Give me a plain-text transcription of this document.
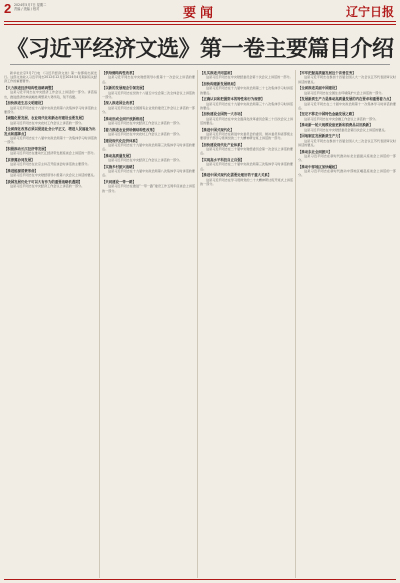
2 2024年5月7日 星期二
责编 / 美编 / 校对	要闻	辽宁日报
《习近平经济文选》第一卷主要篇目介绍
新华社北京5月7日电 《习近平经济文选》第一卷即将出版发行。这部文选收入习近平同志2012年12月至2024年4月期间有关经济工作的重要著作。
【大力推进经济结构性战略调整】
这是习近平同志在中央经济工作会议上讲话的一部分。讲话指出，推进经济结构战略性调整是大势所趋，刻不容缓。
【加快推进生态文明建设】
这是习近平同志在十八届中央政治局第六次集体学习时讲话的主要部分。
【城镇化要发展，农业现代化和新农村建设也要发展】
这是习近平同志在中央农村工作会议上讲话的一部分。
【全面深化改革必须以促进社会公平正义、增进人民福祉为出发点和落脚点】
这是习近平同志在十八届中央政治局第十一次集体学习时讲话的一部分。
【积极推动长江经济带发展】
这是习近平同志在推动长江经济带发展座谈会上讲话的一部分。
【京津冀协同发展】
这是习近平同志在北京主持召开座谈会时讲话的主要部分。
【推进能源消费革命】
这是习近平同志在中央财经领导小组第六次会议上讲话的要点。
【我国发展仍处于可以大有作为的重要战略机遇期】
这是习近平同志在中央经济工作会议上讲话的一部分。
【供给侧结构性改革】
这是习近平同志在中央财经领导小组第十一次会议上讲话的要点。
【以新的发展理念引领发展】
这是习近平同志在党的十八届五中全会第二次全体会议上讲话的一部分。
【深入推进国企改革】
这是习近平同志在全国国有企业党的建设工作会议上讲话的一部分。
【推动形成全面开放新格局】
这是习近平同志在中央经济工作会议上讲话的一部分。
【着力推进农业供给侧结构性改革】
这是习近平同志在中央农村工作会议上讲话的一部分。
【建设现代化经济体系】
这是习近平同志在十九届中央政治局第三次集体学习时讲话的要点。
【推动高质量发展】
这是习近平同志在中央经济工作会议上讲话的一部分。
【实施乡村振兴战略】
这是习近平同志在十九届中央政治局第八次集体学习时讲话的要点。
【共同建设一带一路】
这是习近平同志在推进“一带一路”建设工作五周年座谈会上讲话的一部分。
【扎实推进共同富裕】
这是习近平同志在中央财经委员会第十次会议上讲话的一部分。
【加快构建新发展格局】
这是习近平同志在十九届中央政治局第二十七次集体学习时讲话的要点。
【正确认识和把握资本的特性和行为规律】
这是习近平同志在十九届中央政治局第三十八次集体学习时讲话的要点。
【加快建设全国统一大市场】
这是习近平同志在中央全面深化改革委员会第二十四次会议上讲话的要点。
【推进中国式现代化】
这是习近平同志在新进中央委员会的委员、候补委员和省部级主要领导干部学习贯彻党的二十大精神研讨班上讲话的一部分。
【加快建设现代化产业体系】
这是习近平同志在二十届中央财经委员会第一次会议上讲话的要点。
【实现高水平科技自立自强】
这是习近平同志在二十届中央政治局第三次集体学习时讲话的要点。
【推进中国式现代化需要处理好若干重大关系】
这是习近平同志在学习贯彻党的二十大精神研讨班开班式上讲话的一部分。
【牢牢把握高质量发展这个首要任务】
这是习近平同志在参加十四届全国人大一次会议江苏代表团审议时讲话的要点。
【全面推进美丽中国建设】
这是习近平同志在全国生态环境保护大会上讲话的一部分。
【发展新质生产力是推动高质量发展的内在要求和重要着力点】
这是习近平同志在二十届中央政治局第十一次集体学习时讲话的要点。
【坚定不移走中国特色金融发展之路】
这是习近平同志在中央金融工作会议上讲话的一部分。
【推动新一轮大规模设备更新和消费品以旧换新】
这是习近平同志在中央财经委员会第四次会议上讲话的要点。
【因地制宜发展新质生产力】
这是习近平同志在参加十四届全国人大二次会议江苏代表团审议时讲话的要点。
【推动东北全面振兴】
这是习近平同志在新时代推动东北全面振兴座谈会上讲话的一部分。
【推动中部地区加快崛起】
这是习近平同志在新时代推动中部地区崛起座谈会上讲话的一部分。
